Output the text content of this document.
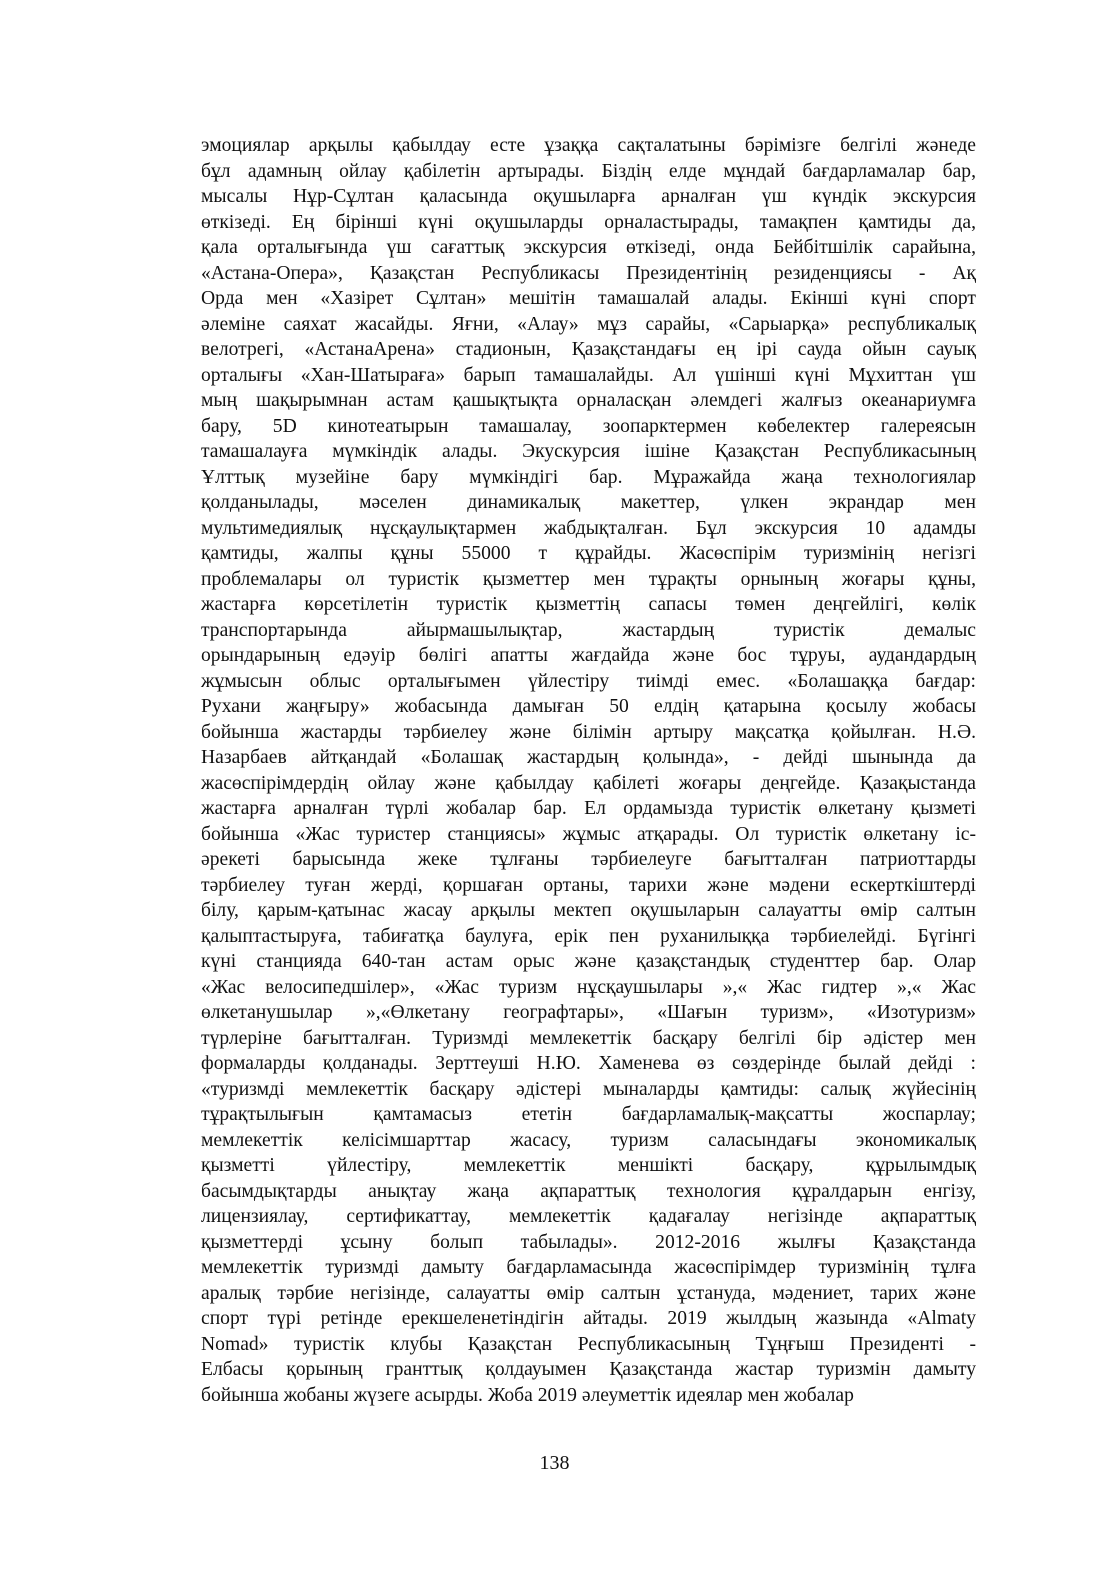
эмоциялар арқылы қабылдау есте ұзаққа сақталатыны бәрімізге белгілі жәнеде
бұл адамның ойлау қабілетін артырады. Біздің елде мұндай бағдарламалар бар,
мысалы Нұр-Сұлтан қаласында оқушыларға арналған үш күндік экскурсия
өткізеді. Ең бірінші күні оқушыларды орналастырады, тамақпен қамтиды да,
қала орталығында үш сағаттық экскурсия өткізеді, онда Бейбітшілік сарайына,
«Астана-Опера», Қазақстан Республикасы Президентінің резиденциясы - Ақ
Орда мен «Хазірет Сұлтан» мешітін тамашалай алады. Екінші күні спорт
әлеміне саяхат жасайды. Яғни, «Алау» мұз сарайы, «Сарыарқа» республикалық
велотрегі, «АстанаАрена» стадионын, Қазақстандағы ең ірі сауда ойын сауық
орталығы «Хан-Шатырағa» барып тамашалайды. Ал үшінші күні Мұхиттан үш
мың шақырымнан астам қашықтықта орналасқан әлемдегі жалғыз океанариумға
бару, 5D кинотеатырын тамашалау, зоопарктермен көбелектер галереясын
тамашалауға мүмкіндік алады. Экускурсия ішіне Қазақстан Республикасының
Ұлттық музейіне бару мүмкіндігі бар. Мұражайда жаңа технологиялар
қолданылады, мәселен динамикалық макеттер, үлкен экрандар мен
мультимедиялық нұсқаулықтармен жабдықталған. Бұл экскурсия 10 адамды
қамтиды, жалпы құны 55000 т құрайды. Жасөспірім туризмінің негізгі
проблемалары ол туристік қызметтер мен тұрақты орнының жоғары құны,
жастарға көрсетілетін туристік қызметтің сапасы төмен деңгейлігі, көлік
транспортарында айырмашылықтар, жастардың туристік демалыс
орындарының едәуір бөлігі апатты жағдайда және бос тұруы, аудандардың
жұмысын облыс орталығымен үйлестіру тиімді емес. «Болашаққа бағдар:
Рухани жаңғыру» жобасында дамыған 50 елдің қатарына қосылу жобасы
бойынша жастарды тәрбиелеу және білімін артыру мақсатқа қойылған. Н.Ә.
Назарбаев айтқандай «Болашақ жастардың қолында», - дейді шынында да
жасөспірімдердің ойлау және қабылдау қабілеті жоғары деңгейде. Қазақыстанда
жастарға арналған түрлі жобалар бар. Ел ордамызда туристік өлкетану қызметі
бойынша «Жас туристер станциясы» жұмыс атқарады. Ол туристік өлкетану іс-
әрекеті барысында жеке тұлғаны тәрбиелеуге бағытталған патриоттарды
тәрбиелеу туған жерді, қоршаған ортаны, тарихи және мәдени ескерткіштерді
білу, қарым-қатынас жасау арқылы мектеп оқушыларын салауатты өмір салтын
қалыптастыруға, табиғатқа баулуға, ерік пен руханилыққа тәрбиелейді. Бүгінгі
күні станцияда 640-тан астам орыс және қазақстандық студенттер бар. Олар
«Жас велосипедшілер», «Жас туризм нұсқаушылары »,« Жас гидтер »,« Жас
өлкетанушылар »,«Өлкетану географтары», «Шағын туризм», «Изотуризм»
түрлеріне бағытталған. Туризмді мемлекеттік басқару белгілі бір әдістер мен
формаларды қолданады. Зерттеуші Н.Ю. Хаменева өз сөздерінде былай дейді :
«туризмді мемлекеттік басқару әдістері мыналарды қамтиды: салық жүйесінің
тұрақтылығын қамтамасыз ететін бағдарламалық-мақсатты жоспарлау;
мемлекеттік келісімшарттар жасасу, туризм саласындағы экономикалық
қызметті үйлестіру, мемлекеттік меншікті басқару, құрылымдық
басымдықтарды анықтау жаңа ақпараттық технология құралдарын енгізу,
лицензиялау, сертификаттау, мемлекеттік қадағалау негізінде ақпараттық
қызметтерді ұсыну болып табылады». 2012-2016 жылғы Қазақстанда
мемлекеттік туризмді дамыту бағдарламасында жасөспірімдер туризмінің тұлға
аралық тәрбие негізінде, салауатты өмір салтын ұстануда, мәдениет, тарих және
спорт түрі ретінде ерекшеленетіндігін айтады. 2019 жылдың жазында «Almaty
Nomad» туристік клубы Қазақстан Республикасының Тұңғыш Президенті -
Елбасы қорының гранттық қолдауымен Қазақстанда жастар туризмін дамыту
бойынша жобаны жүзеге асырды. Жоба 2019 әлеуметтік идеялар мен жобалар
138
